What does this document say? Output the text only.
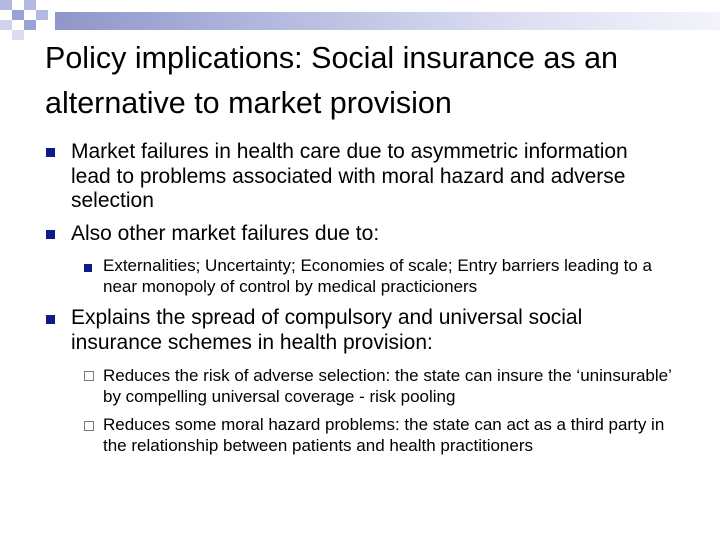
Policy implications: Social insurance as an alternative to market provision
Market failures in health care due to asymmetric information lead to problems associated with moral hazard and adverse selection
Also other market failures due to:
Externalities; Uncertainty; Economies of scale; Entry barriers leading to a near monopoly of control by medical practicioners
Explains the spread of compulsory and universal social insurance schemes in health provision:
Reduces the risk of adverse selection: the state can insure the ‘uninsurable’ by compelling universal coverage - risk pooling
Reduces some moral hazard problems: the state can act as a third party in the relationship between patients and health practitioners
